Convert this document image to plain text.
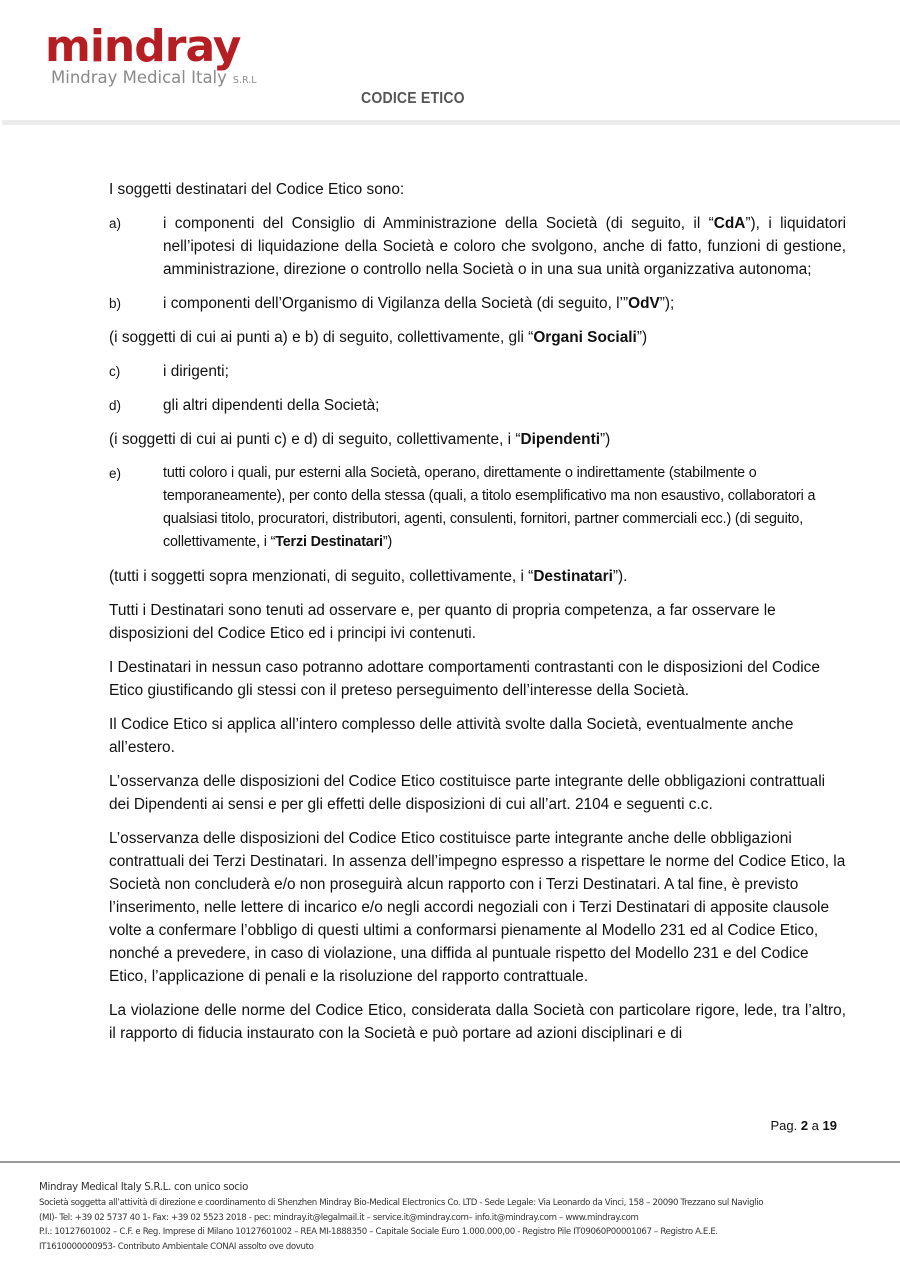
mindray
Mindray Medical Italy S.R.L
CODICE ETICO

I soggetti destinatari del Codice Etico sono:

a)	i componenti del Consiglio di Amministrazione della Società (di seguito, il “CdA”), i liquidatori nell’ipotesi di liquidazione della Società e coloro che svolgono, anche di fatto, funzioni di gestione, amministrazione, direzione o controllo nella Società o in una sua unità organizzativa autonoma;
b)	i componenti dell’Organismo di Vigilanza della Società (di seguito, l’”OdV”);

(i soggetti di cui ai punti a) e b) di seguito, collettivamente, gli “Organi Sociali”)

c)	i dirigenti;
d)	gli altri dipendenti della Società;

(i soggetti di cui ai punti c) e d) di seguito, collettivamente, i “Dipendenti”)

e)	tutti coloro i quali, pur esterni alla Società, operano, direttamente o indirettamente (stabilmente o temporaneamente), per conto della stessa (quali, a titolo esemplificativo ma non esaustivo, collaboratori a qualsiasi titolo, procuratori, distributori, agenti, consulenti, fornitori, partner commerciali ecc.) (di seguito, collettivamente, i “Terzi Destinatari”)

(tutti i soggetti sopra menzionati, di seguito, collettivamente, i “Destinatari”).

Tutti i Destinatari sono tenuti ad osservare e, per quanto di propria competenza, a far osservare le disposizioni del Codice Etico ed i principi ivi contenuti.

I Destinatari in nessun caso potranno adottare comportamenti contrastanti con le disposizioni del Codice Etico giustificando gli stessi con il preteso perseguimento dell’interesse della Società.

Il Codice Etico si applica all’intero complesso delle attività svolte dalla Società, eventualmente anche all’estero.

L’osservanza delle disposizioni del Codice Etico costituisce parte integrante delle obbligazioni contrattuali dei Dipendenti ai sensi e per gli effetti delle disposizioni di cui all’art. 2104 e seguenti c.c.

L’osservanza delle disposizioni del Codice Etico costituisce parte integrante anche delle obbligazioni contrattuali dei Terzi Destinatari. In assenza dell’impegno espresso a rispettare le norme del Codice Etico, la Società non concluderà e/o non proseguirà alcun rapporto con i Terzi Destinatari. A tal fine, è previsto l’inserimento, nelle lettere di incarico e/o negli accordi negoziali con i Terzi Destinatari di apposite clausole volte a confermare l’obbligo di questi ultimi a conformarsi pienamente al Modello 231 ed al Codice Etico, nonché a prevedere, in caso di violazione, una diffida al puntuale rispetto del Modello 231 e del Codice Etico, l’applicazione di penali e la risoluzione del rapporto contrattuale.

La violazione delle norme del Codice Etico, considerata dalla Società con particolare rigore, lede, tra l’altro, il rapporto di fiducia instaurato con la Società e può portare ad azioni disciplinari e di

Pag. 2 a 19
Mindray Medical Italy S.R.L. con unico socio
Società soggetta all’attività di direzione e coordinamento di Shenzhen Mindray Bio-Medical Electronics Co. LTD - Sede Legale: Via Leonardo da Vinci, 158 – 20090 Trezzano sul Naviglio
(MI)- Tel: +39 02 5737 40 1- Fax: +39 02 5523 2018 - pec: mindray.it@legalmail.it – service.it@mindray.com– info.it@mindray.com – www.mindray.com
P.I.: 10127601002 – C.F. e Reg. Imprese di Milano 10127601002 – REA MI-1888350 – Capitale Sociale Euro 1.000.000,00 - Registro Pile IT09060P00001067 – Registro A.E.E.
IT1610000000953- Contributo Ambientale CONAI assolto ove dovuto
